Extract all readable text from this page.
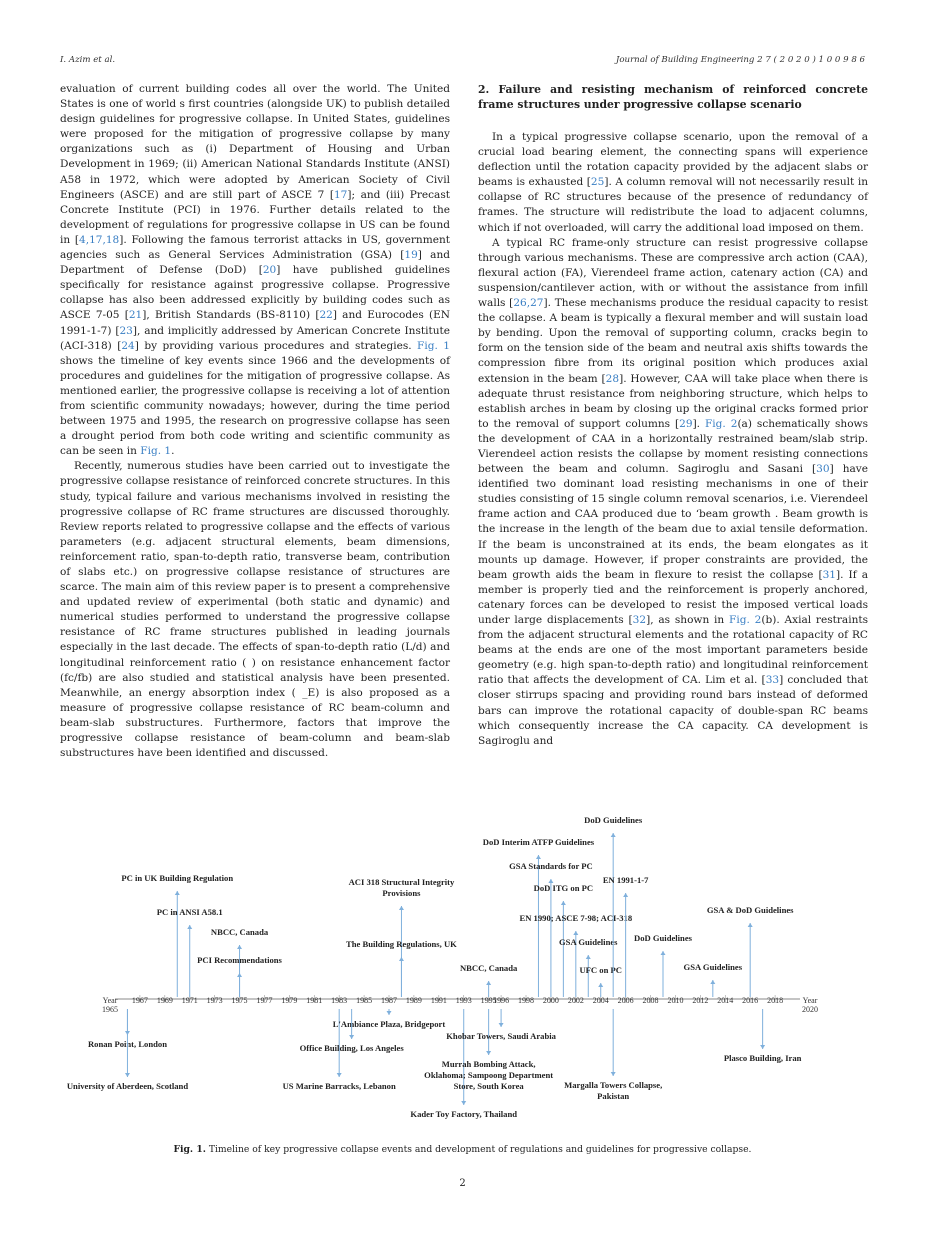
I. Azim et al.	Journal of Building Engineering 2 7 ( 2 0 2 0 ) 1 0 0 9 8 6

evaluation of current building codes all over the world. The United States is one of world s first countries (alongside UK) to publish detailed design guidelines for progressive collapse. In United States, guidelines were proposed for the mitigation of progressive collapse by many organizations such as (i) Department of Housing and Urban Development in 1969; (ii) American National Standards Institute (ANSI) A58 in 1972, which were adopted by American Society of Civil Engineers (ASCE) and are still part of ASCE 7 [17]; and (iii) Precast Concrete Institute (PCI) in 1976. Further details related to the development of regulations for progressive collapse in US can be found in [4,17,18]. Following the famous terrorist attacks in US, government agencies such as General Services Administration (GSA) [19] and Department of Defense (DoD) [20] have published guidelines specifically for resistance against progressive collapse. Progressive collapse has also been addressed explicitly by building codes such as ASCE 7-05 [21], British Standards (BS-8110) [22] and Eurocodes (EN 1991-1-7) [23], and implicitly addressed by American Concrete Institute (ACI-318) [24] by providing various procedures and strategies. Fig. 1 shows the timeline of key events since 1966 and the developments of procedures and guidelines for the mitigation of progressive collapse. As mentioned earlier, the progressive collapse is receiving a lot of attention from scientific community nowadays; however, during the time period between 1975 and 1995, the research on progressive collapse has seen a drought period from both code writing and scientific community as can be seen in Fig. 1.

Recently, numerous studies have been carried out to investigate the progressive collapse resistance of reinforced concrete structures. In this study, typical failure and various mechanisms involved in resisting the progressive collapse of RC frame structures are discussed thoroughly. Review reports related to progressive collapse and the effects of various parameters (e.g. adjacent structural elements, beam dimensions, reinforcement ratio, span-to-depth ratio, transverse beam, contribution of slabs etc.) on progressive collapse resistance of structures are scarce. The main aim of this review paper is to present a comprehensive and updated review of experimental (both static and dynamic) and numerical studies performed to understand the progressive collapse resistance of RC frame structures published in leading journals especially in the last decade. The effects of span-to-depth ratio (L/d) and longitudinal reinforcement ratio ( ) on resistance enhancement factor (fc/fb) are also studied and statistical analysis have been presented. Meanwhile, an energy absorption index ( _E) is also proposed as a measure of progressive collapse resistance of RC beam-column and beam-slab substructures. Furthermore, factors that improve the progressive collapse resistance of beam-column and beam-slab substructures have been identified and discussed.

2. Failure and resisting mechanism of reinforced concrete frame structures under progressive collapse scenario

In a typical progressive collapse scenario, upon the removal of a crucial load bearing element, the connecting spans will experience deflection until the rotation capacity provided by the adjacent slabs or beams is exhausted [25]. A column removal will not necessarily result in collapse of RC structures because of the presence of redundancy of frames. The structure will redistribute the load to adjacent columns, which if not overloaded, will carry the additional load imposed on them.

A typical RC frame-only structure can resist progressive collapse through various mechanisms. These are compressive arch action (CAA), flexural action (FA), Vierendeel frame action, catenary action (CA) and suspension/cantilever action, with or without the assistance from infill walls [26,27]. These mechanisms produce the residual capacity to resist the collapse. A beam is typically a flexural member and will sustain load by bending. Upon the removal of supporting column, cracks begin to form on the tension side of the beam and neutral axis shifts towards the compression fibre from its original position which produces axial extension in the beam [28]. However, CAA will take place when there is adequate thrust resistance from neighboring structure, which helps to establish arches in beam by closing up the original cracks formed prior to the removal of support columns [29]. Fig. 2(a) schematically shows the development of CAA in a horizontally restrained beam/slab strip. Vierendeel action resists the collapse by moment resisting connections between the beam and column. Sagiroglu and Sasani [30] have identified two dominant load resisting mechanisms in one of their studies consisting of 15 single column removal scenarios, i.e. Vierendeel frame action and CAA produced due to ‘beam growth . Beam growth is the increase in the length of the beam due to axial tensile deformation. If the beam is unconstrained at its ends, the beam elongates as it mounts up damage. However, if proper constraints are provided, the beam growth aids the beam in flexure to resist the collapse [31]. If a member is properly tied and the reinforcement is properly anchored, catenary forces can be developed to resist the imposed vertical loads under large displacements [32], as shown in Fig. 2(b). Axial restraints from the adjacent structural elements and the rotational capacity of RC beams at the ends are one of the most important parameters beside geometry (e.g. high span-to-depth ratio) and longitudinal reinforcement ratio that affects the development of CA. Lim et al. [33] concluded that closer stirrups spacing and providing round bars instead of deformed bars can improve the rotational capacity of double-span RC beams which consequently increase the CA capacity. CA development is Sagiroglu and

Year
1965
Year
2020
1967 1969 1971 1973 1975 1977 1979 1981 1983 1985 1987 1989 1991 1993 1995
1996 1998 2000 2002 2004 2006 2008 2010 2012 2014 2016 2018
PC in UK Building Regulation
PC in ANSI A58.1
NBCC, Canada
PCI Recommendations
ACI 318 Structural Integrity
Provisions
The Building Regulations, UK
NBCC, Canada
DoD Interim ATFP Guidelines
GSA Standards for PC
DoD ITG on PC
EN 1990; ASCE 7-98; ACI-318
GSA Guidelines
UFC on PC
DoD Guidelines
EN 1991-1-7
DoD Guidelines
GSA Guidelines
GSA & DoD Guidelines
Ronan Point, London
University of Aberdeen, Scotland	US Marine Barracks, Lebanon
L'Ambiance Plaza, Bridgeport
Office Building, Los Angeles
Kader Toy Factory, Thailand
Murrah Bombing Attack,
Oklahoma; Sampoong Department
Store, South Korea
Khobar Towers, Saudi Arabia
Margalla Towers Collapse,
Pakistan
Plasco Building, Iran
Fig. 1. Timeline of key progressive collapse events and development of regulations and guidelines for progressive collapse.
2
